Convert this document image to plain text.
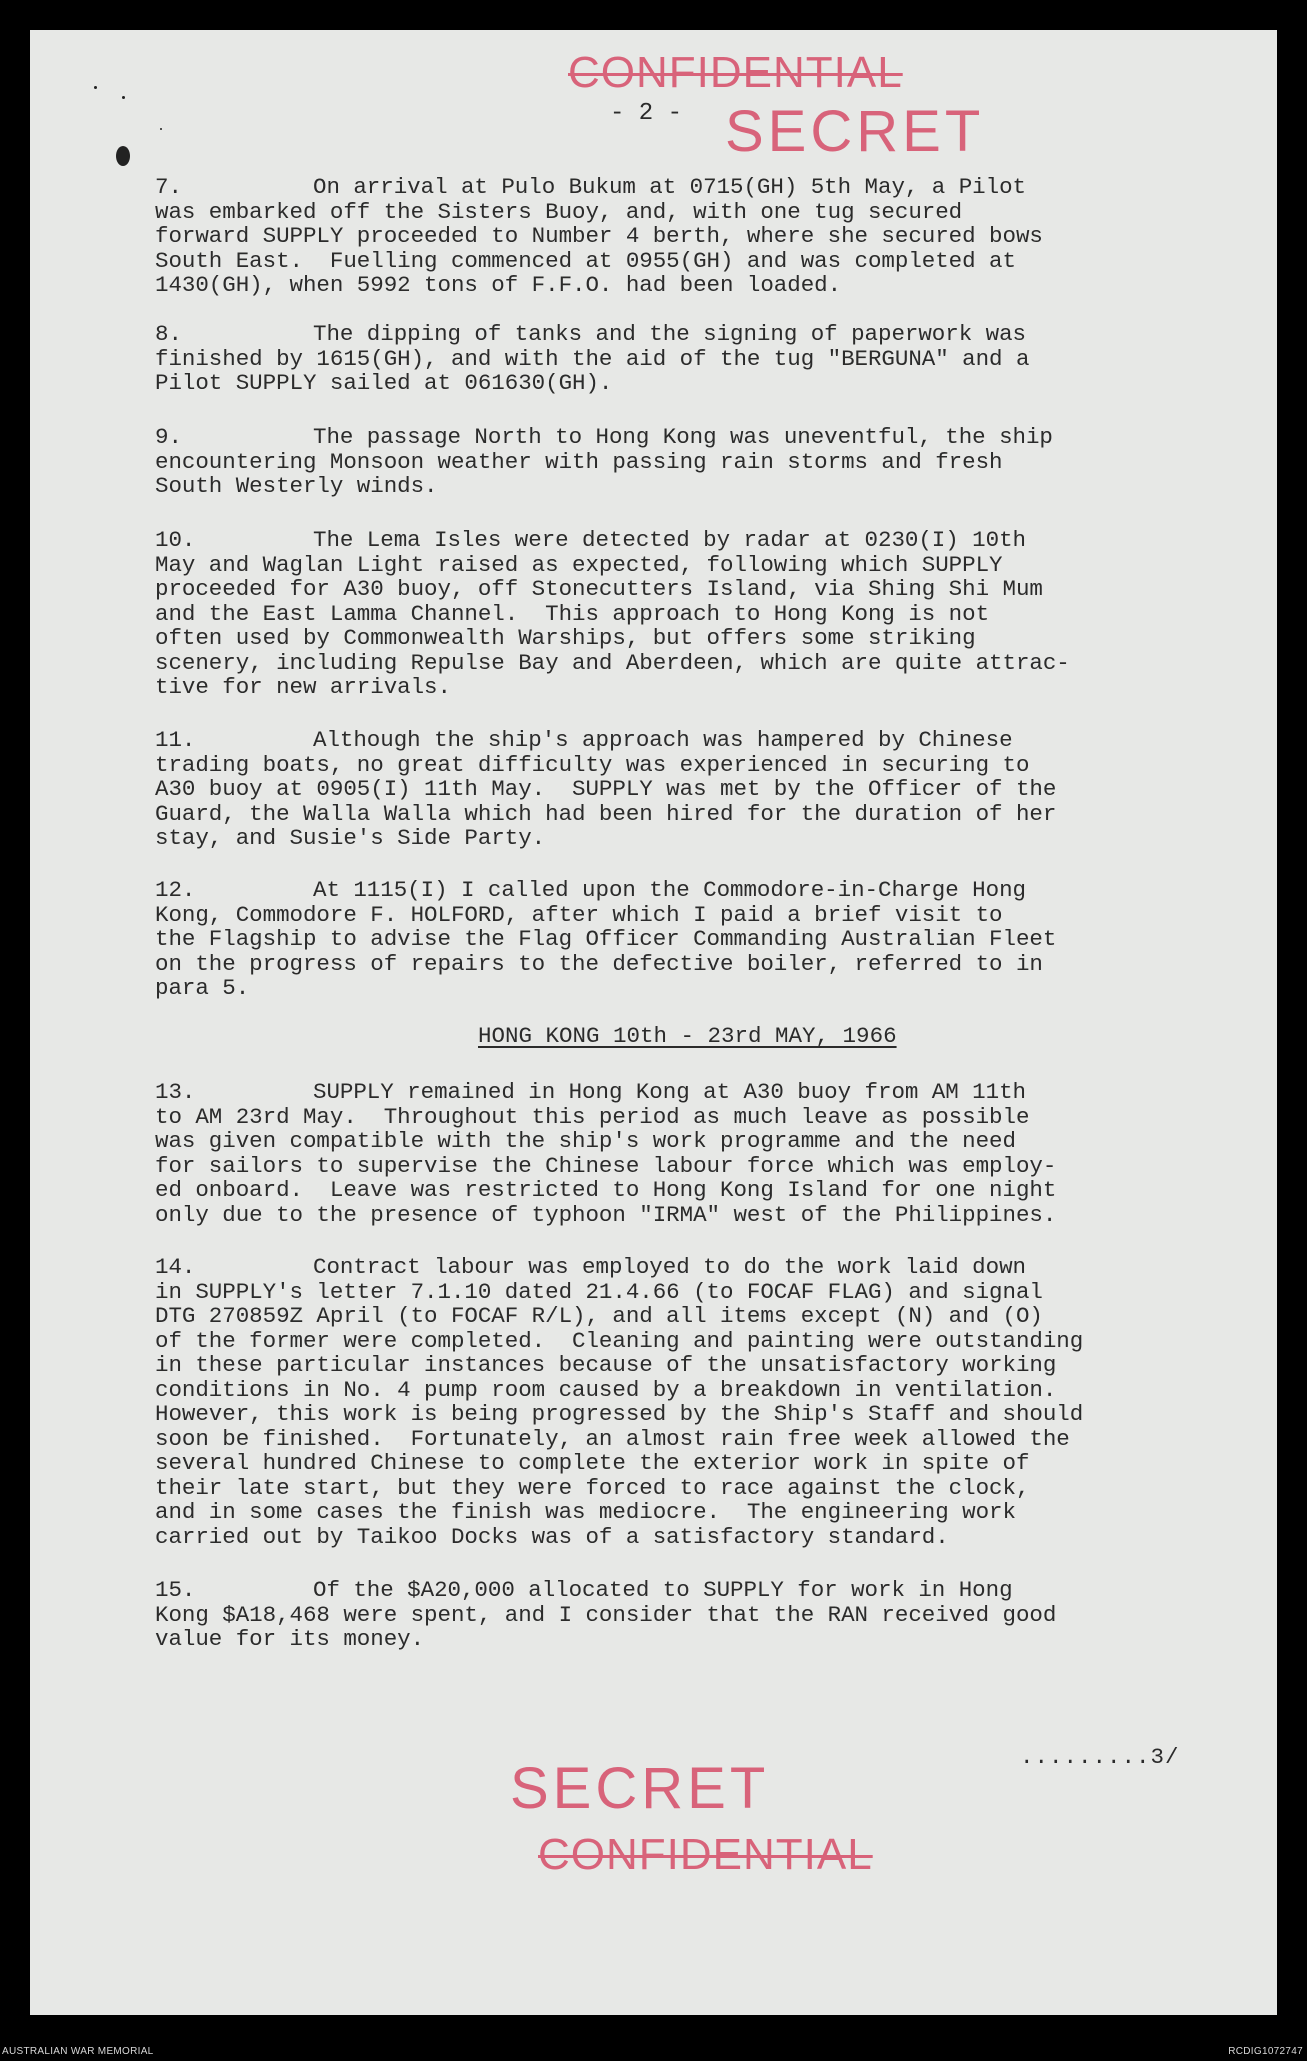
CONFIDENTIAL
SECRET
- 2 -

7.	On arrival at Pulo Bukum at 0715(GH) 5th May, a Pilot
was embarked off the Sisters Buoy, and, with one tug secured
forward SUPPLY proceeded to Number 4 berth, where she secured bows
South East.  Fuelling commenced at 0955(GH) and was completed at
1430(GH), when 5992 tons of F.F.O. had been loaded.

8.	The dipping of tanks and the signing of paperwork was
finished by 1615(GH), and with the aid of the tug "BERGUNA" and a
Pilot SUPPLY sailed at 061630(GH).

9.	The passage North to Hong Kong was uneventful, the ship
encountering Monsoon weather with passing rain storms and fresh
South Westerly winds.

10.	The Lema Isles were detected by radar at 0230(I) 10th
May and Waglan Light raised as expected, following which SUPPLY
proceeded for A30 buoy, off Stonecutters Island, via Shing Shi Mum
and the East Lamma Channel.  This approach to Hong Kong is not
often used by Commonwealth Warships, but offers some striking
scenery, including Repulse Bay and Aberdeen, which are quite attrac-
tive for new arrivals.

11.	Although the ship's approach was hampered by Chinese
trading boats, no great difficulty was experienced in securing to
A30 buoy at 0905(I) 11th May.  SUPPLY was met by the Officer of the
Guard, the Walla Walla which had been hired for the duration of her
stay, and Susie's Side Party.

12.	At 1115(I) I called upon the Commodore-in-Charge Hong
Kong, Commodore F. HOLFORD, after which I paid a brief visit to
the Flagship to advise the Flag Officer Commanding Australian Fleet
on the progress of repairs to the defective boiler, referred to in
para 5.

HONG KONG 10th - 23rd MAY, 1966

13.	SUPPLY remained in Hong Kong at A30 buoy from AM 11th
to AM 23rd May.  Throughout this period as much leave as possible
was given compatible with the ship's work programme and the need
for sailors to supervise the Chinese labour force which was employ-
ed onboard.  Leave was restricted to Hong Kong Island for one night
only due to the presence of typhoon "IRMA" west of the Philippines.

14.	Contract labour was employed to do the work laid down
in SUPPLY's letter 7.1.10 dated 21.4.66 (to FOCAF FLAG) and signal
DTG 270859Z April (to FOCAF R/L), and all items except (N) and (O)
of the former were completed.  Cleaning and painting were outstanding
in these particular instances because of the unsatisfactory working
conditions in No. 4 pump room caused by a breakdown in ventilation.
However, this work is being progressed by the Ship's Staff and should
soon be finished.  Fortunately, an almost rain free week allowed the
several hundred Chinese to complete the exterior work in spite of
their late start, but they were forced to race against the clock,
and in some cases the finish was mediocre.  The engineering work
carried out by Taikoo Docks was of a satisfactory standard.

15.	Of the $A20,000 allocated to SUPPLY for work in Hong
Kong $A18,468 were spent, and I consider that the RAN received good
value for its money.

.........3/
SECRET
CONFIDENTIAL
AUSTRALIAN WAR MEMORIAL	RCDIG1072747
